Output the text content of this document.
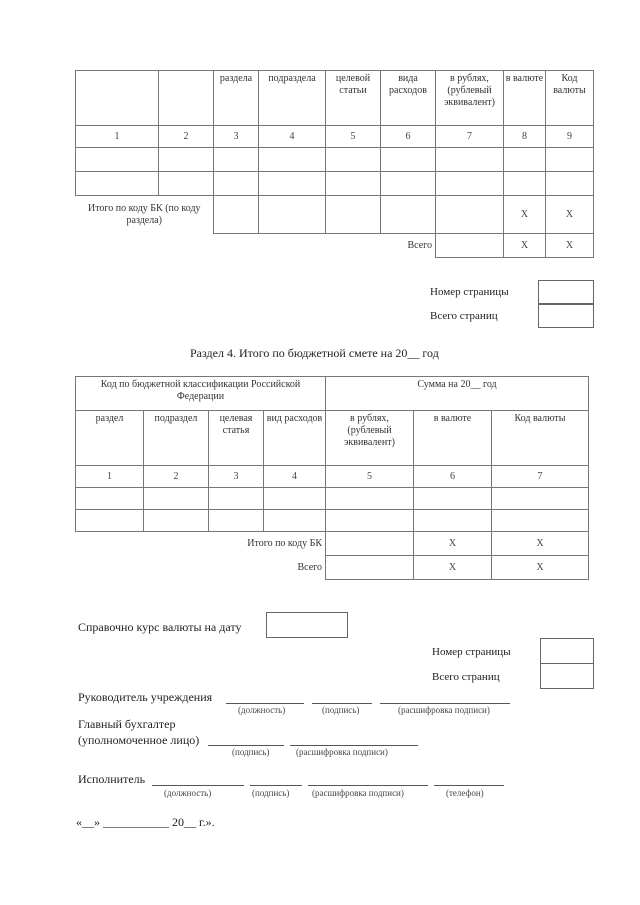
		раздела	подраздела	целевой статьи	вида расходов	в рублях, (рублевый эквивалент)	в валюте	Код валюты
1	2	3	4	5	6	7	8	9

Итого по коду БК (по коду раздела)							X	X
					Всего		X	X
Номер страницы
Всего страниц
Раздел 4. Итого по бюджетной смете на 20__ год
Код по бюджетной классификации Российской Федерации				Сумма на 20__ год		
раздел	подраздел	целевая статья	вид расходов	в рублях, (рублевый эквивалент)	в валюте	Код валюты
1	2	3	4	5	6	7

		Итого по коду БК			X	X
			Всего		X	X
Справочно курс валюты на дату
Номер страницы
Всего страниц
Руководитель учреждения
(должность)	(подпись)	(расшифровка подписи)
Главный бухгалтер
(уполномоченное лицо)
(подпись)	(расшифровка подписи)
Исполнитель
(должность)	(подпись)	(расшифровка подписи)	(телефон)
«__» ___________ 20__ г.».
